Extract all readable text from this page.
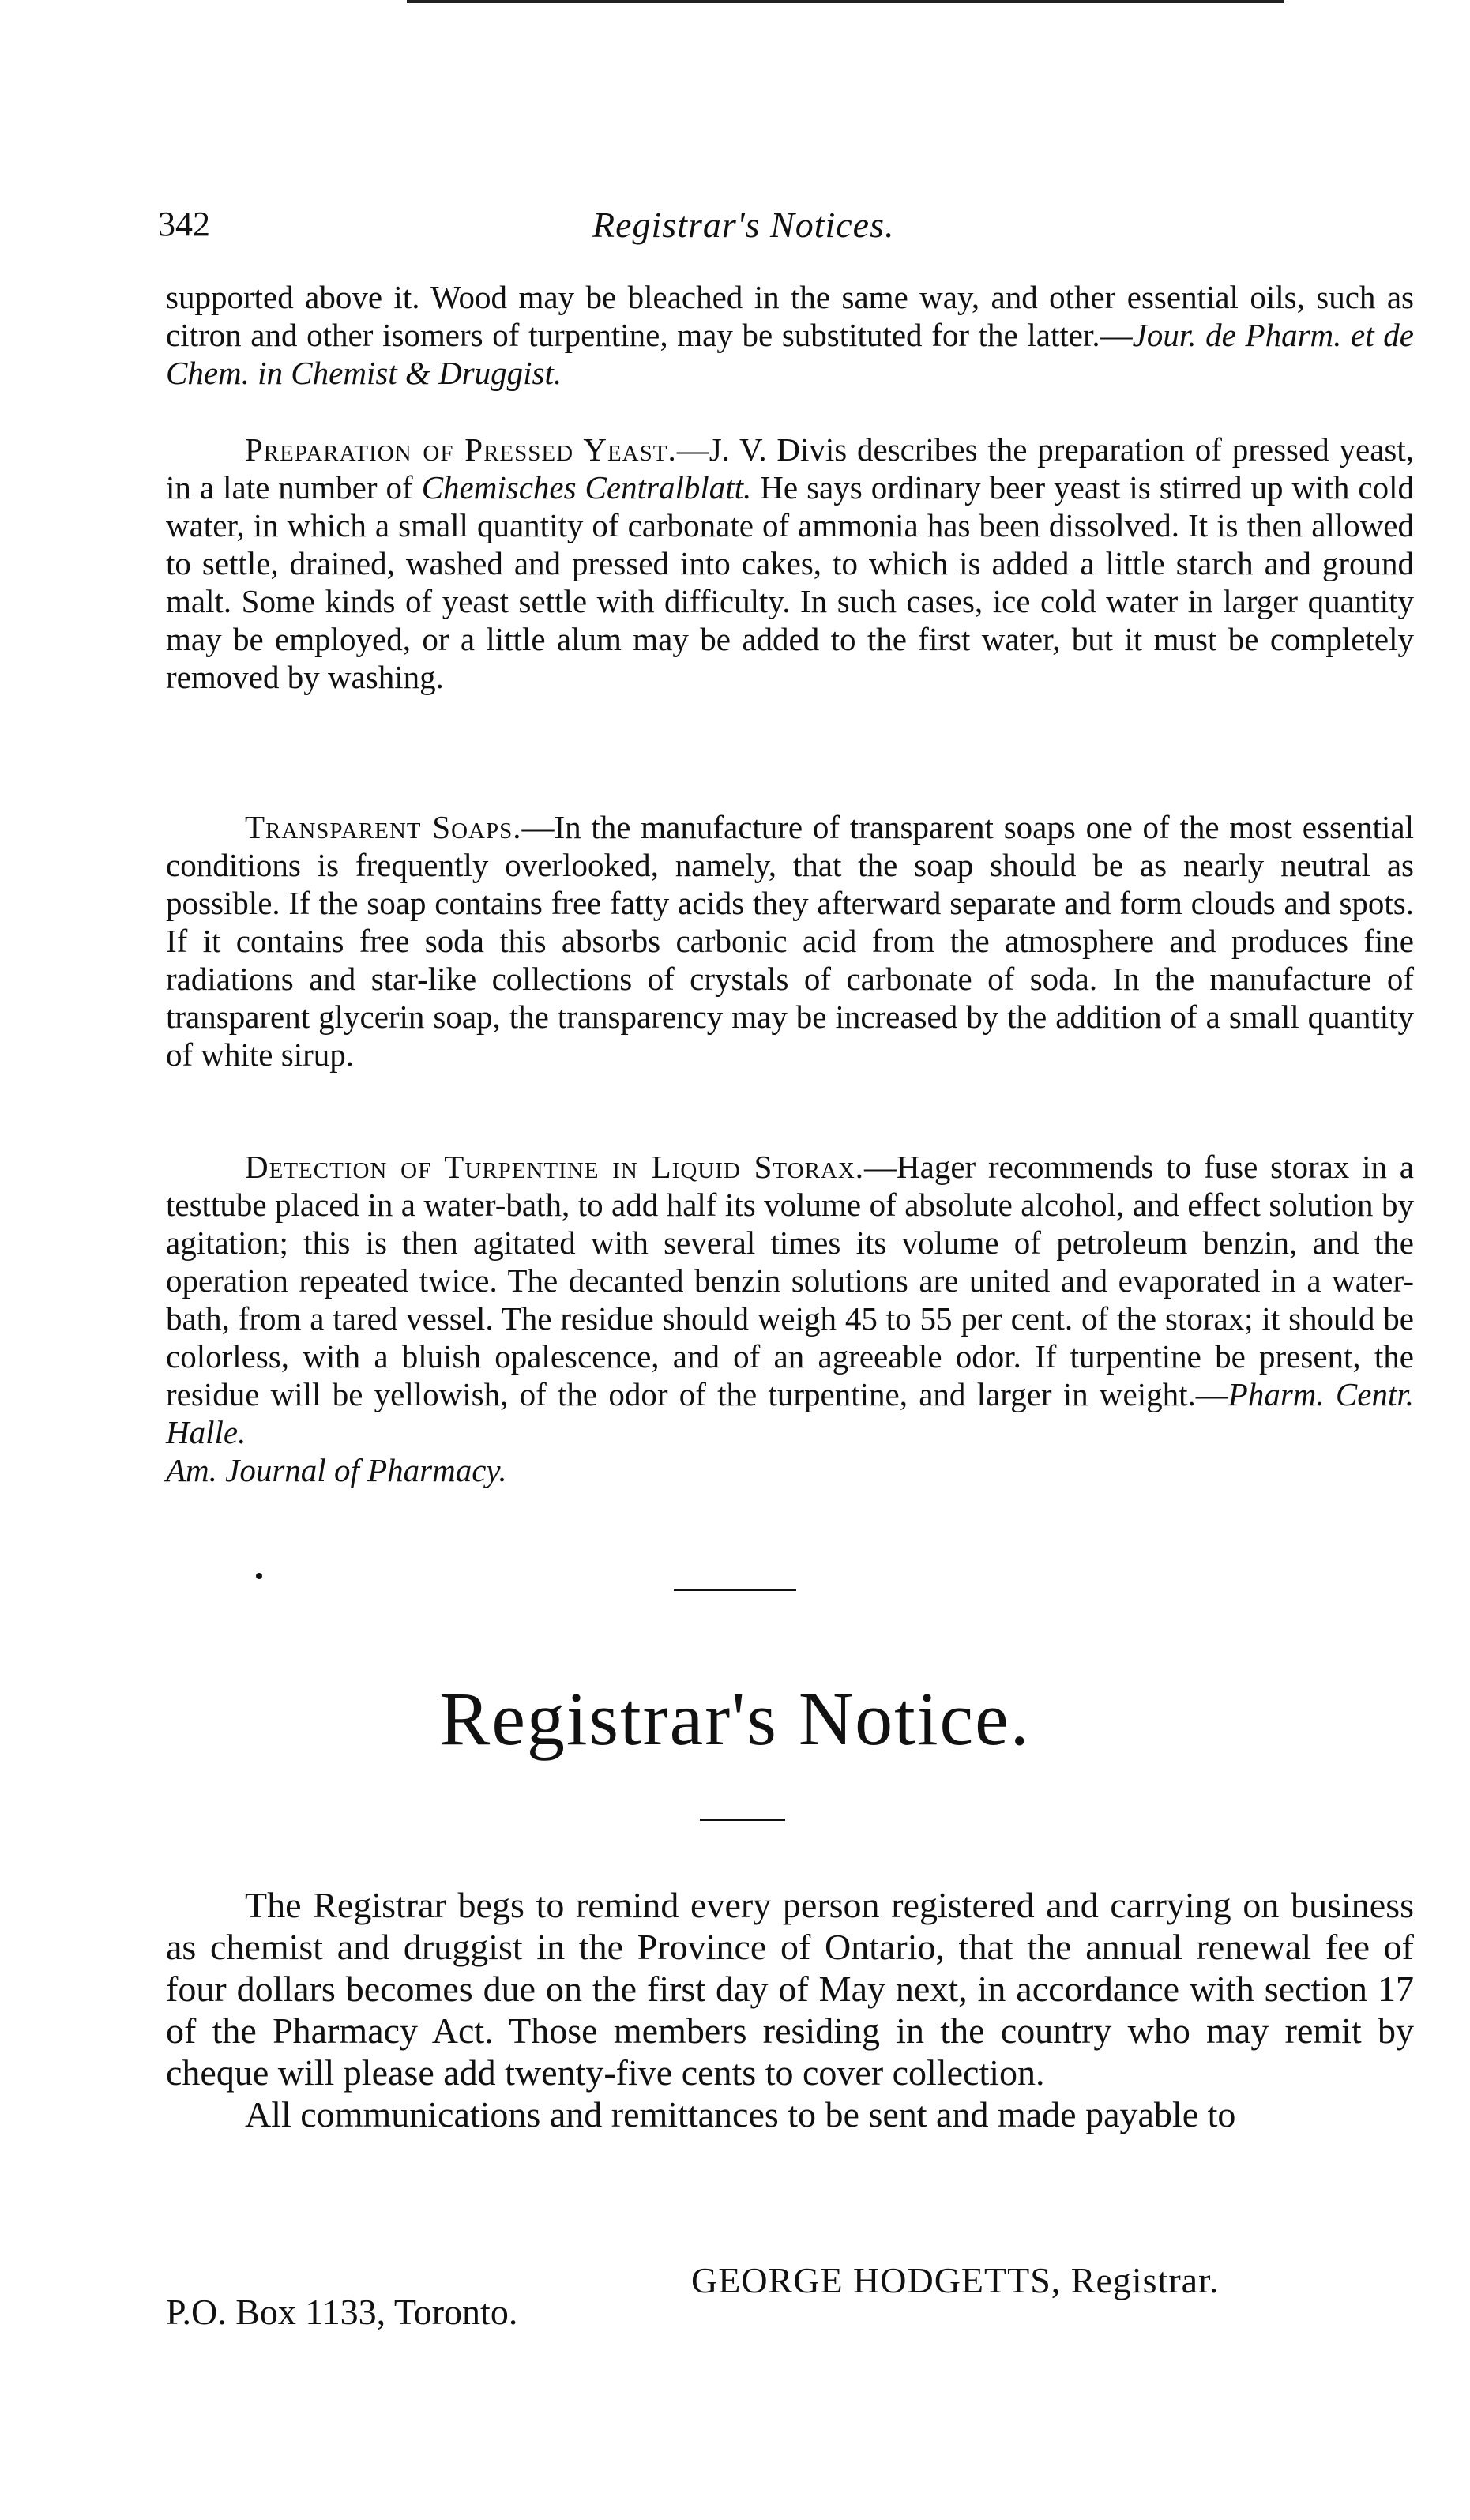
342	Registrar's Notices.

supported above it. Wood may be bleached in the same way, and other essential oils, such as citron and other isomers of turpentine, may be substituted for the latter.—Jour. de Pharm. et de Chem. in Chemist & Druggist.

Preparation of Pressed Yeast.—J. V. Divis describes the preparation of pressed yeast, in a late number of Chemisches Centralblatt. He says ordinary beer yeast is stirred up with cold water, in which a small quantity of carbonate of ammonia has been dissolved. It is then allowed to settle, drained, washed and pressed into cakes, to which is added a little starch and ground malt. Some kinds of yeast settle with difficulty. In such cases, ice cold water in larger quantity may be employed, or a little alum may be added to the first water, but it must be completely removed by washing.

Transparent Soaps.—In the manufacture of transparent soaps one of the most essential conditions is frequently overlooked, namely, that the soap should be as nearly neutral as possible. If the soap contains free fatty acids they afterward separate and form clouds and spots. If it contains free soda this absorbs carbonic acid from the atmosphere and produces fine radiations and star-like collections of crystals of carbonate of soda. In the manufacture of transparent glycerin soap, the transparency may be increased by the addition of a small quantity of white sirup.

Detection of Turpentine in Liquid Storax.—Hager recommends to fuse storax in a testtube placed in a water-bath, to add half its volume of absolute alcohol, and effect solution by agitation; this is then agitated with several times its volume of petroleum benzin, and the operation repeated twice. The decanted benzin solutions are united and evaporated in a water-bath, from a tared vessel. The residue should weigh 45 to 55 per cent. of the storax; it should be colorless, with a bluish opalescence, and of an agreeable odor. If turpentine be present, the residue will be yellowish, of the odor of the turpentine, and larger in weight.—Pharm. Centr. Halle.

Am. Journal of Pharmacy.

Registrar's Notice.

The Registrar begs to remind every person registered and carrying on business as chemist and druggist in the Province of Ontario, that the annual renewal fee of four dollars becomes due on the first day of May next, in accordance with section 17 of the Pharmacy Act. Those members residing in the country who may remit by cheque will please add twenty-five cents to cover collection.

All communications and remittances to be sent and made payable to

GEORGE HODGETTS, Registrar.
P.O. Box 1133, Toronto.
